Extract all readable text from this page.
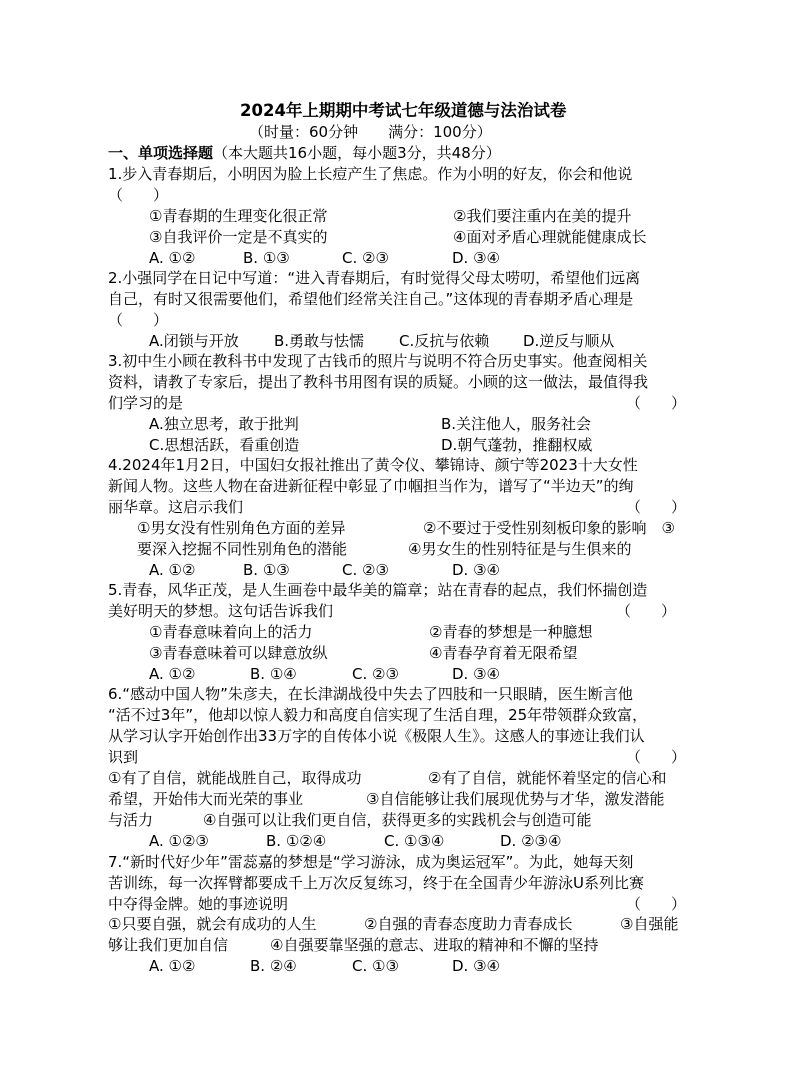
2024年上期期中考试七年级道德与法治试卷
（时量：60分钟　　满分：100分）
一、单项选择题（本大题共16小题，每小题3分，共48分）
1.步入青春期后，小明因为脸上长痘产生了焦虑。作为小明的好友，你会和他说
（　　）
①青春期的生理变化很正常	②我们要注重内在美的提升
③自我评价一定是不真实的	④面对矛盾心理就能健康成长
A. ①②	B. ①③	C. ②③	D. ③④
2.小强同学在日记中写道：“进入青春期后，有时觉得父母太唠叨，希望他们远离
自己，有时又很需要他们，希望他们经常关注自己。”这体现的青春期矛盾心理是
（　　）
A.闭锁与开放 B.勇敢与怯懦 C.反抗与依赖 D.逆反与顺从
3.初中生小顾在教科书中发现了古钱币的照片与说明不符合历史事实。他查阅相关
资料，请教了专家后，提出了教科书用图有误的质疑。小顾的这一做法，最值得我
们学习的是	（　　）
A.独立思考，敢于批判	B.关注他人，服务社会
C.思想活跃，看重创造	D.朝气蓬勃，推翻权威
4.2024年1月2日，中国妇女报社推出了黄令仪、攀锦诗、颜宁等2023十大女性
新闻人物。这些人物在奋进新征程中彰显了巾帼担当作为，谱写了“半边天”的绚
丽华章。这启示我们	（　　）
①男女没有性别角色方面的差异	②不要过于受性别刻板印象的影响　③
要深入挖掘不同性别角色的潜能	④男女生的性别特征是与生俱来的
A. ①②	B. ①③	C. ②③	D. ③④
5.青春，风华正茂，是人生画卷中最华美的篇章；站在青春的起点，我们怀揣创造
美好明天的梦想。这句话告诉我们	（　　）
①青春意味着向上的活力	②青春的梦想是一种臆想
③青春意味着可以肆意放纵	④青春孕育着无限希望
A. ①②	B. ①④	C. ②③	D. ③④
6.“感动中国人物”朱彦夫，在长津湖战役中失去了四肢和一只眼睛，医生断言他
“活不过3年”，他却以惊人毅力和高度自信实现了生活自理，25年带领群众致富，
从学习认字开始创作出33万字的自传体小说《极限人生》。这感人的事迹让我们认
识到	（　　）
①有了自信，就能战胜自己，取得成功	②有了自信，就能怀着坚定的信心和
希望，开始伟大而光荣的事业	③自信能够让我们展现优势与才华，激发潜能
与活力	④自强可以让我们更自信，获得更多的实践机会与创造可能
A. ①②③	B. ①②④	C. ①③④	D. ②③④
7.“新时代好少年”雷蕊嘉的梦想是“学习游泳，成为奥运冠军”。为此，她每天刻
苦训练，每一次挥臂都要成千上万次反复练习，终于在全国青少年游泳U系列比赛
中夺得金牌。她的事迹说明	（　　）
①只要自强，就会有成功的人生	②自强的青春态度助力青春成长	③自强能
够让我们更加自信	④自强要靠坚强的意志、进取的精神和不懈的坚持
A. ①②	B. ②④	C. ①③	D. ③④
